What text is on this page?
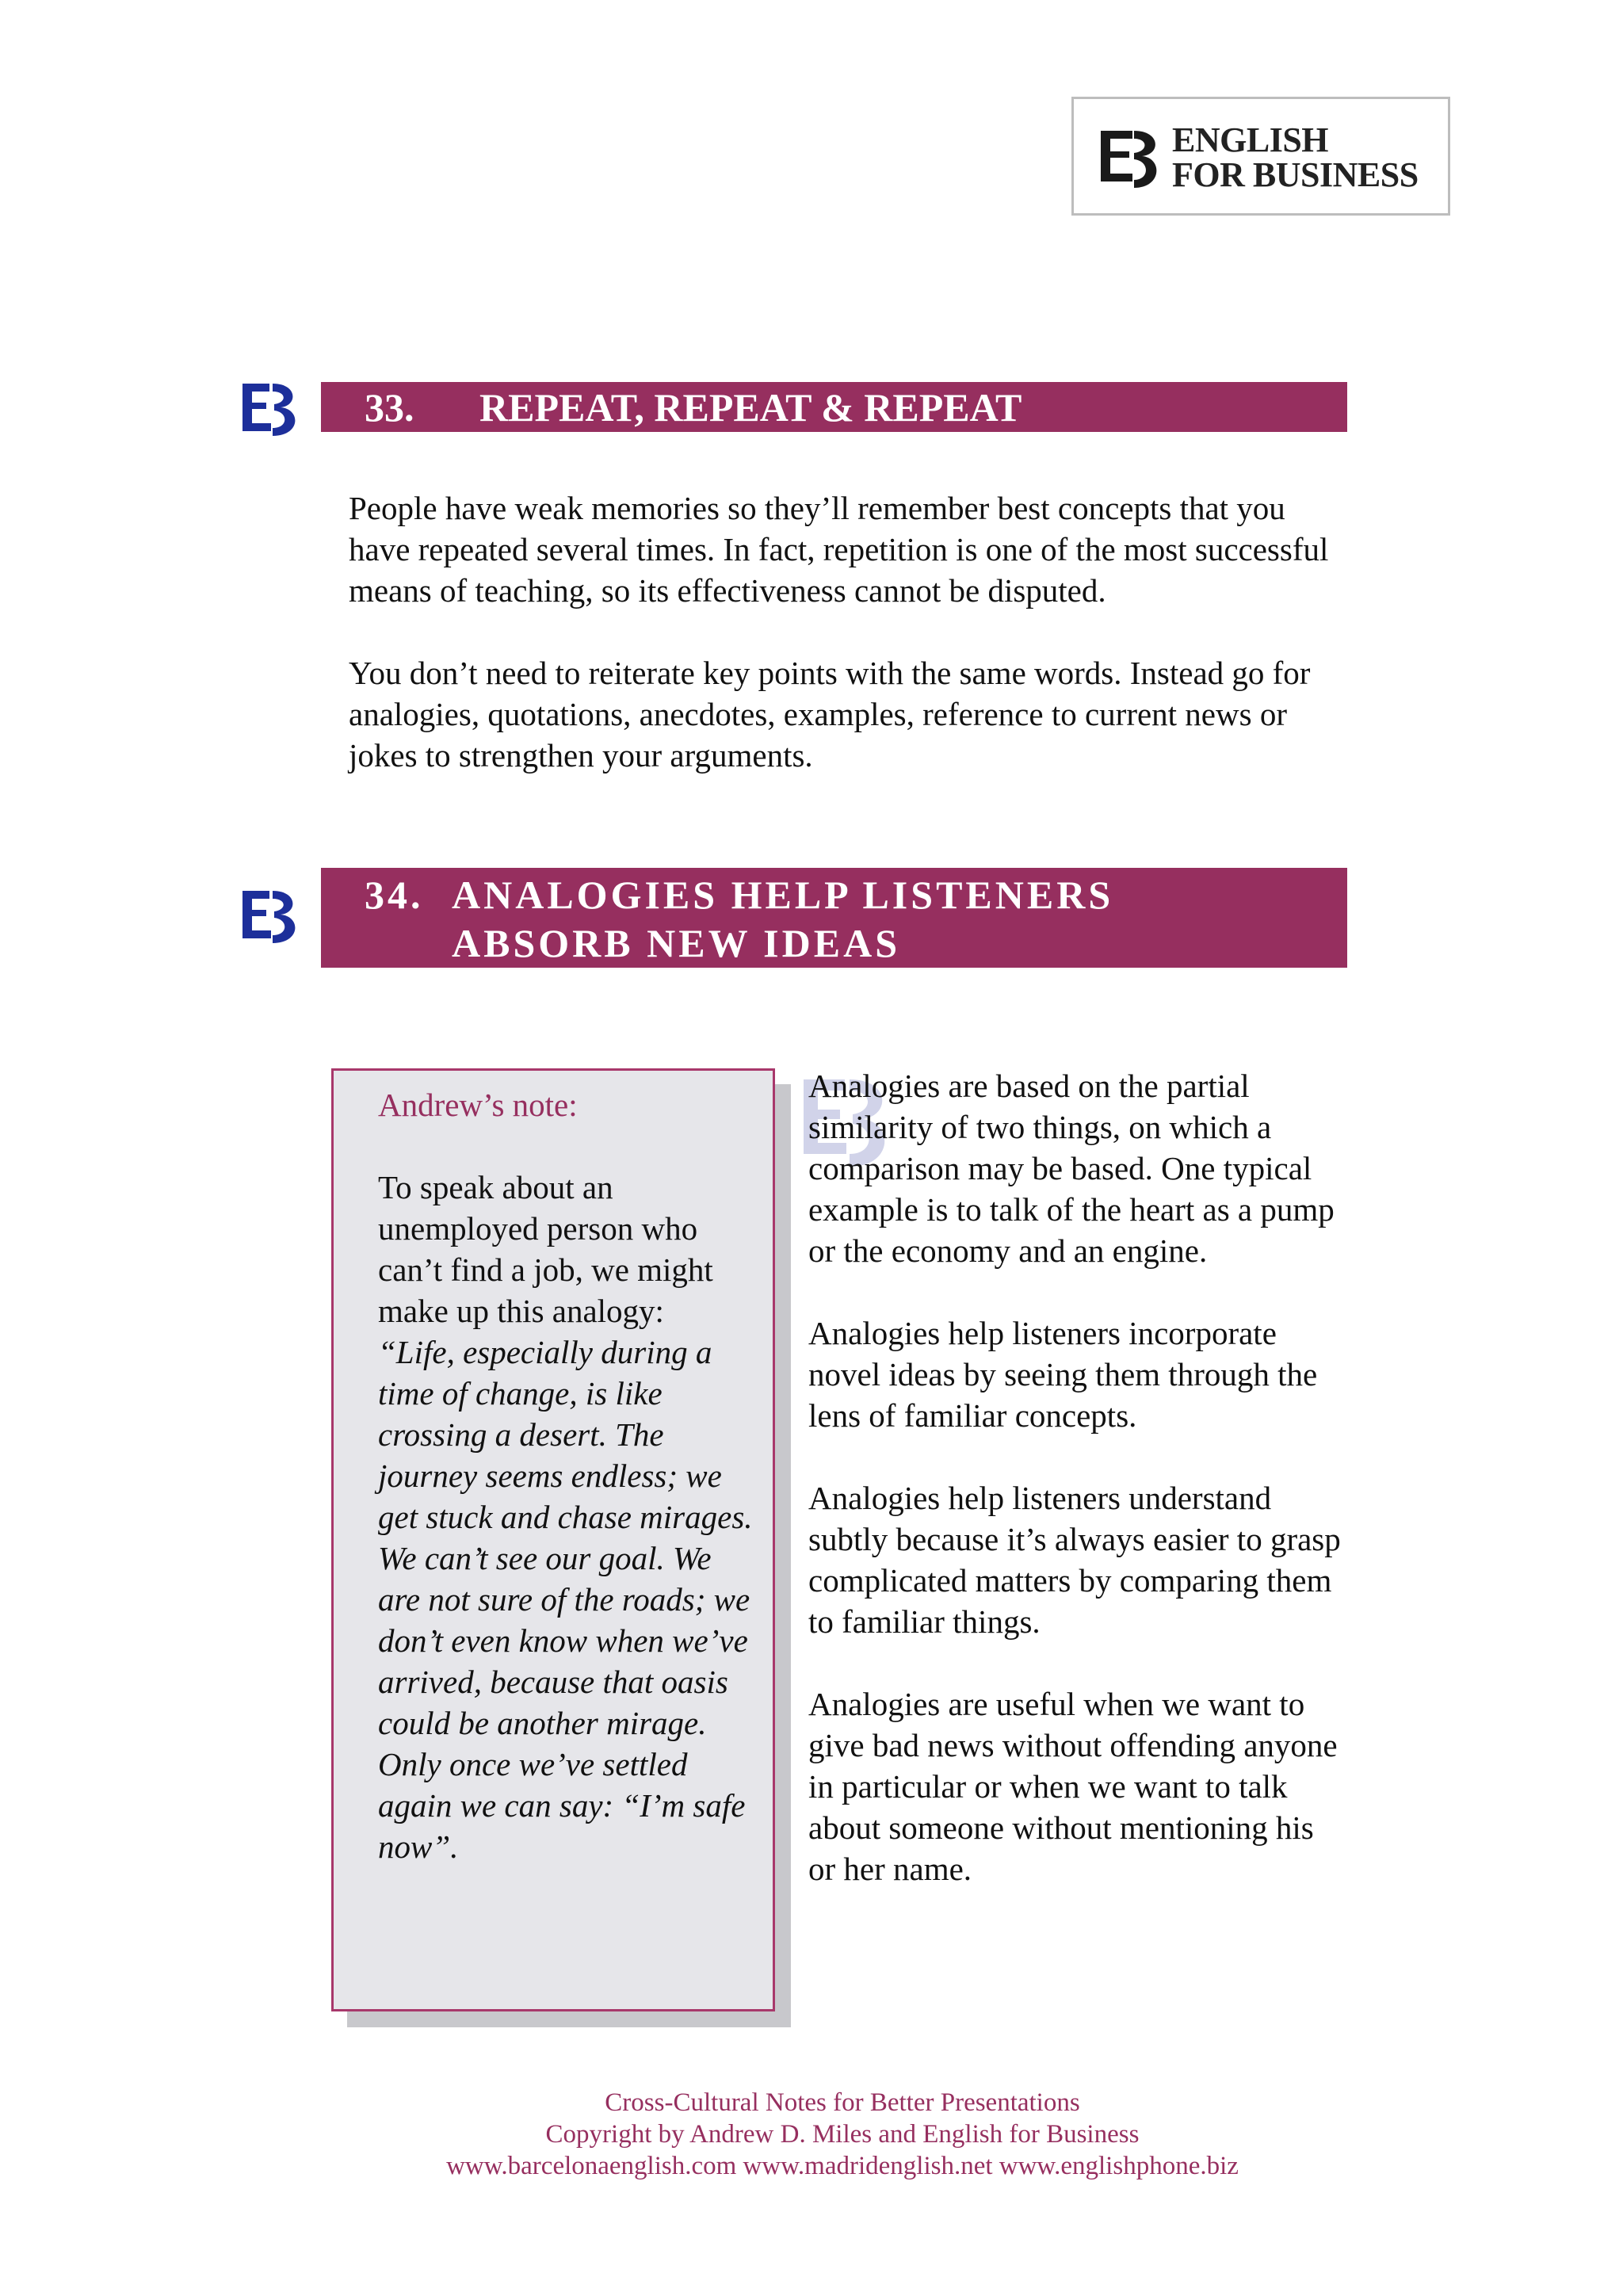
ENGLISH
FOR BUSINESS
33. REPEAT, REPEAT & REPEAT

People have weak memories so they’ll remember best concepts that you have repeated several times. In fact, repetition is one of the most successful means of teaching, so its effectiveness cannot be disputed.

You don’t need to reiterate key points with the same words. Instead go for analogies, quotations, anecdotes, examples, reference to current news or jokes to strengthen your arguments.

34. ANALOGIES HELP LISTENERS
ABSORB NEW IDEAS

Andrew’s note:

To speak about an unemployed person who can’t find a job, we might make up this analogy:

“Life, especially during a time of change, is like crossing a desert. The journey seems endless; we get stuck and chase mirages. We can’t see our goal. We are not sure of the roads; we don’t even know when we’ve arrived, because that oasis could be another mirage. Only once we’ve settled again we can say: “I’m safe now”.

Analogies are based on the partial similarity of two things, on which a comparison may be based. One typical example is to talk of the heart as a pump or the economy and an engine.

Analogies help listeners incorporate novel ideas by seeing them through the lens of familiar concepts.

Analogies help listeners understand subtly because it’s always easier to grasp complicated matters by comparing them to familiar things.

Analogies are useful when we want to give bad news without offending anyone in particular or when we want to talk about someone without mentioning his or her name.

Cross-Cultural Notes for Better Presentations
Copyright by Andrew D. Miles and English for Business
www.barcelonaenglish.com www.madridenglish.net www.englishphone.biz
